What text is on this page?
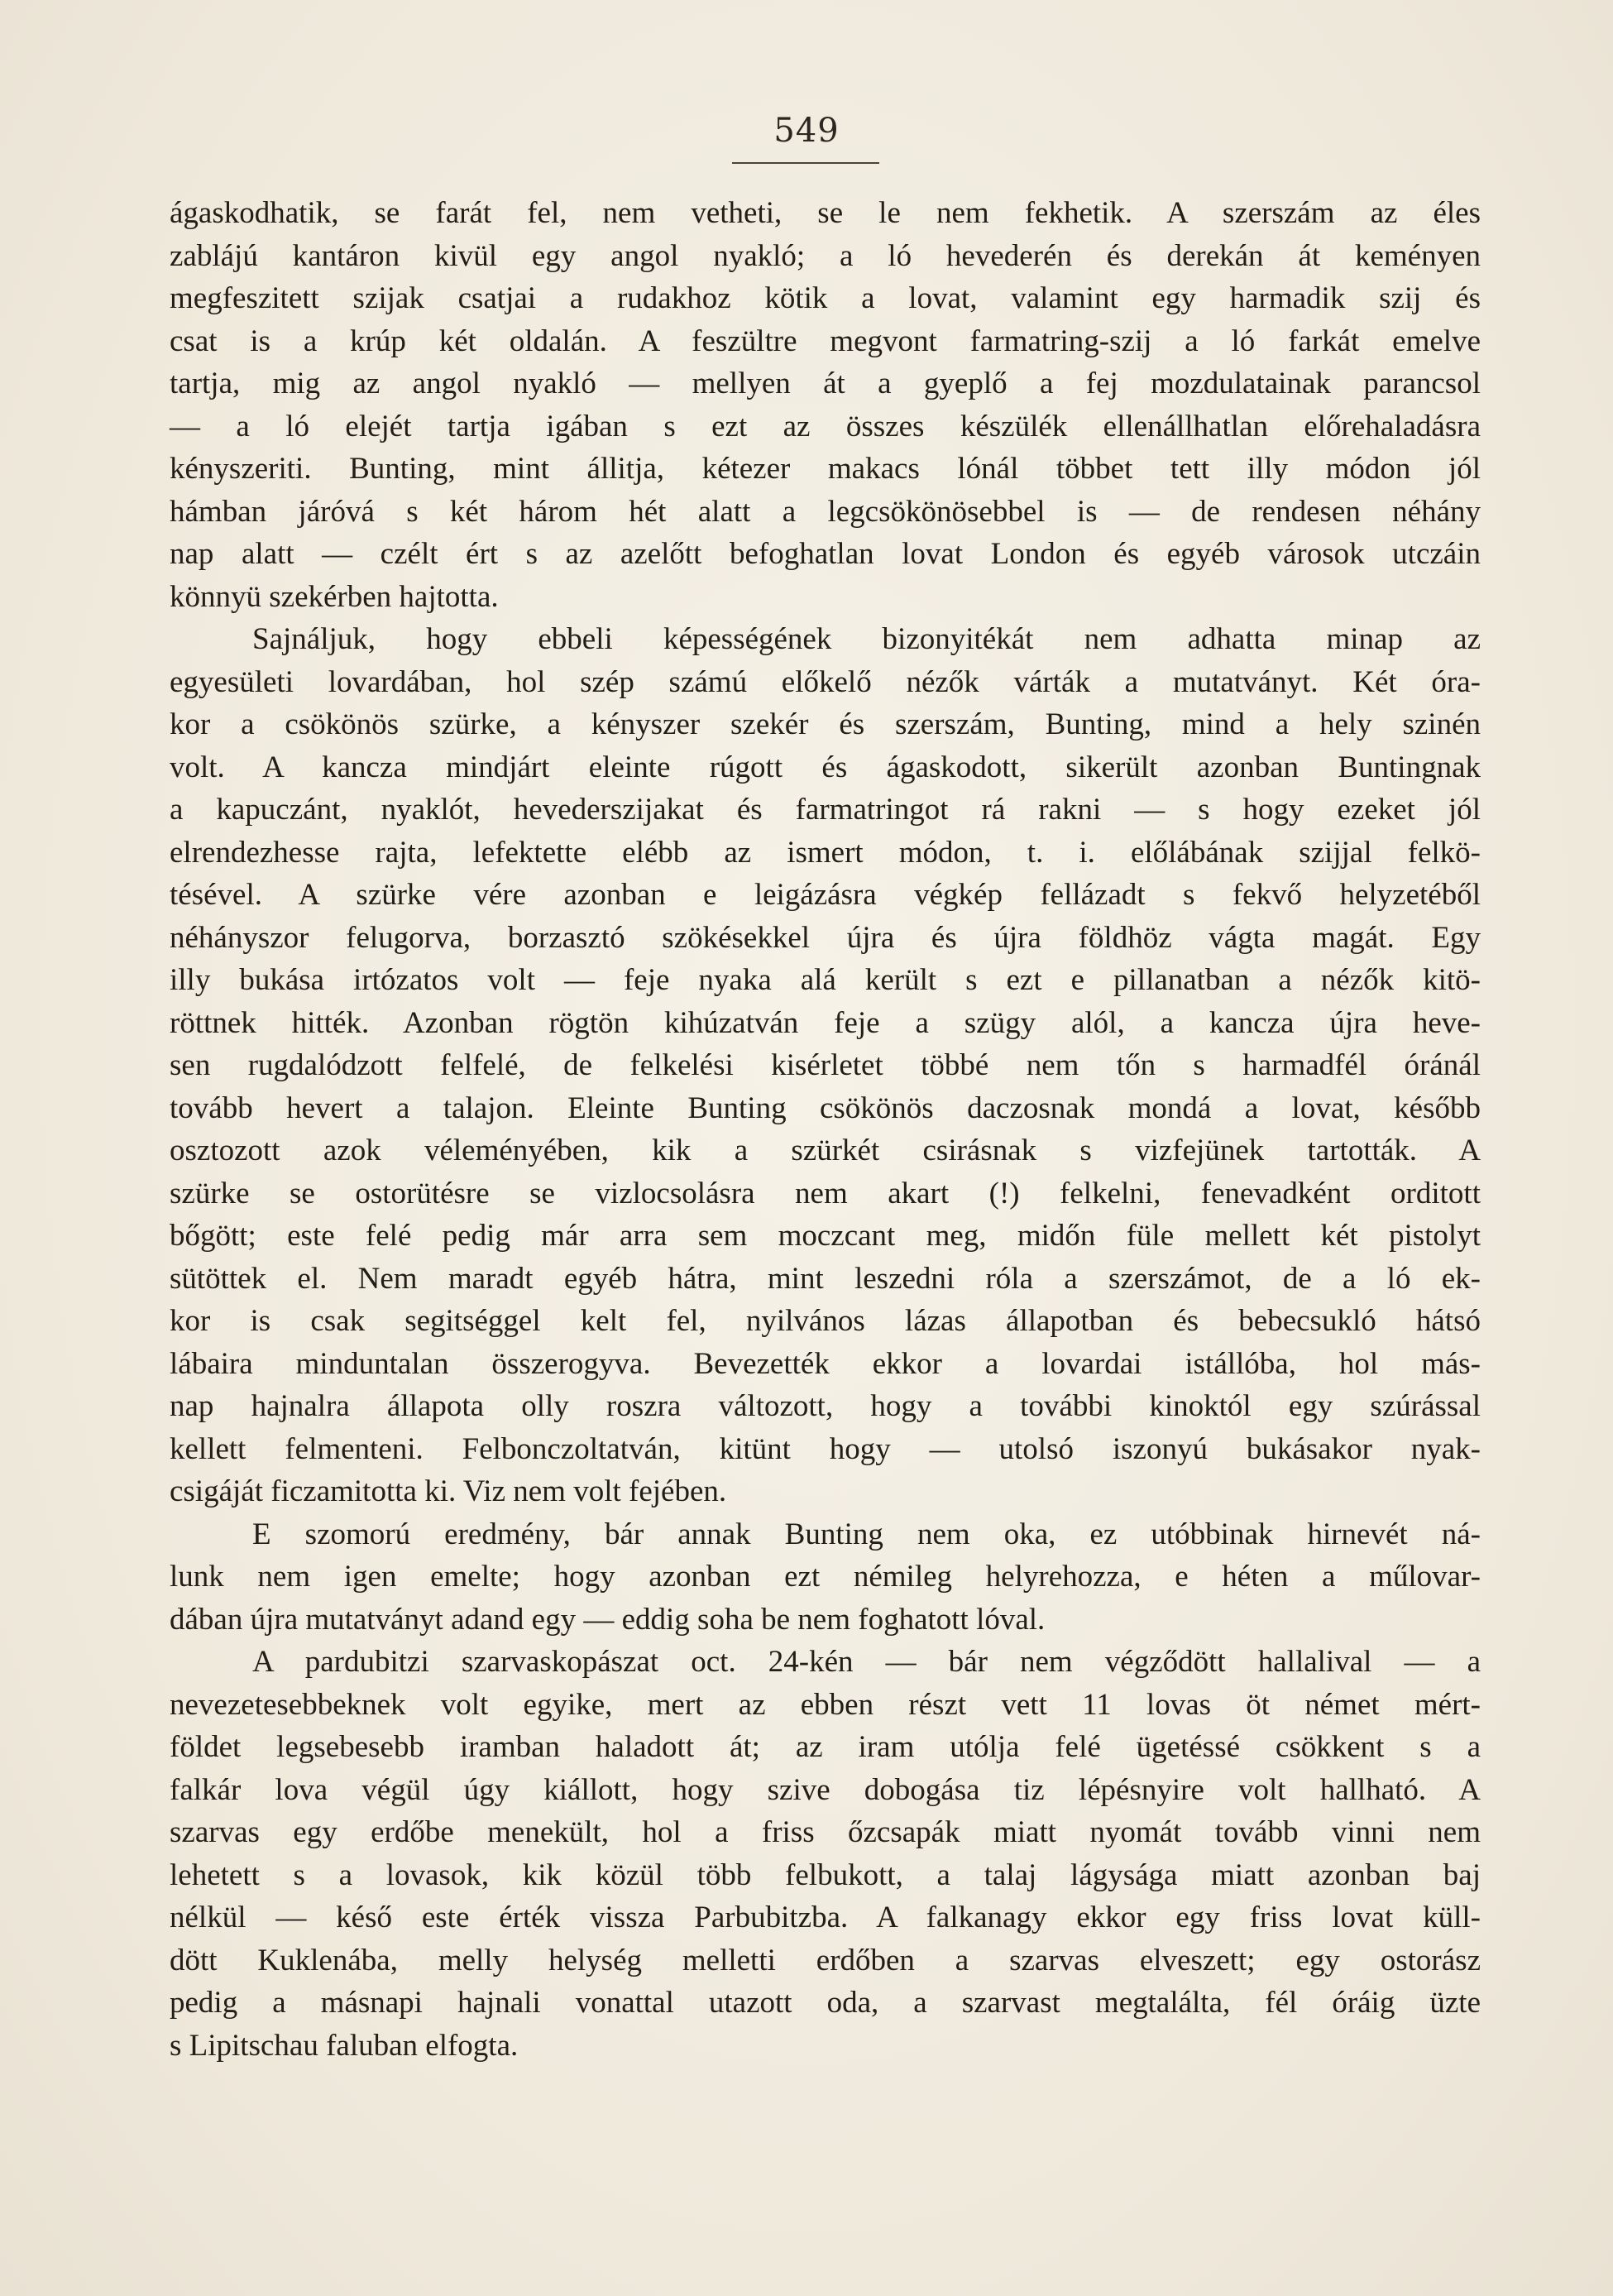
549
ágaskodhatik, se farát fel, nem vetheti, se le nem fekhetik. A szerszám az éles
zablájú kantáron kivül egy angol nyakló; a ló hevederén és derekán át keményen
megfeszitett szijak csatjai a rudakhoz kötik a lovat, valamint egy harmadik szij és
csat is a krúp két oldalán. A feszültre megvont farmatring-szij a ló farkát emelve
tartja, mig az angol nyakló — mellyen át a gyeplő a fej mozdulatainak parancsol
— a ló elejét tartja igában s ezt az összes készülék ellenállhatlan előrehaladásra
kényszeriti. Bunting, mint állitja, kétezer makacs lónál többet tett illy módon jól
hámban járóvá s két három hét alatt a legcsökönösebbel is — de rendesen néhány
nap alatt — czélt ért s az azelőtt befoghatlan lovat London és egyéb városok utczáin
könnyü szekérben hajtotta.
Sajnáljuk, hogy ebbeli képességének bizonyitékát nem adhatta minap az
egyesületi lovardában, hol szép számú előkelő nézők várták a mutatványt. Két óra-
kor a csökönös szürke, a kényszer szekér és szerszám, Bunting, mind a hely szinén
volt. A kancza mindjárt eleinte rúgott és ágaskodott, sikerült azonban Buntingnak
a kapuczánt, nyaklót, hevederszijakat és farmatringot rá rakni — s hogy ezeket jól
elrendezhesse rajta, lefektette elébb az ismert módon, t. i. előlábának szijjal felkö-
tésével. A szürke vére azonban e leigázásra végkép fellázadt s fekvő helyzetéből
néhányszor felugorva, borzasztó szökésekkel újra és újra földhöz vágta magát. Egy
illy bukása irtózatos volt — feje nyaka alá került s ezt e pillanatban a nézők kitö-
röttnek hitték. Azonban rögtön kihúzatván feje a szügy alól, a kancza újra heve-
sen rugdalódzott felfelé, de felkelési kisérletet többé nem tőn s harmadfél óránál
tovább hevert a talajon. Eleinte Bunting csökönös daczosnak mondá a lovat, később
osztozott azok véleményében, kik a szürkét csirásnak s vizfejünek tartották. A
szürke se ostorütésre se vizlocsolásra nem akart (!) felkelni, fenevadként orditott
bőgött; este felé pedig már arra sem moczcant meg, midőn füle mellett két pistolyt
sütöttek el. Nem maradt egyéb hátra, mint leszedni róla a szerszámot, de a ló ek-
kor is csak segitséggel kelt fel, nyilvános lázas állapotban és bebecsukló hátsó
lábaira minduntalan összerogyva. Bevezették ekkor a lovardai istállóba, hol más-
nap hajnalra állapota olly roszra változott, hogy a további kinoktól egy szúrással
kellett felmenteni. Felbonczoltatván, kitünt hogy — utolsó iszonyú bukásakor nyak-
csigáját ficzamitotta ki. Viz nem volt fejében.
E szomorú eredmény, bár annak Bunting nem oka, ez utóbbinak hirnevét ná-
lunk nem igen emelte; hogy azonban ezt némileg helyrehozza, e héten a műlovar-
dában újra mutatványt adand egy — eddig soha be nem foghatott lóval.
A pardubitzi szarvaskopászat oct. 24-kén — bár nem végződött hallalival — a
nevezetesebbeknek volt egyike, mert az ebben részt vett 11 lovas öt német mért-
földet legsebesebb iramban haladott át; az iram utólja felé ügetéssé csökkent s a
falkár lova végül úgy kiállott, hogy szive dobogása tiz lépésnyire volt hallható. A
szarvas egy erdőbe menekült, hol a friss őzcsapák miatt nyomát tovább vinni nem
lehetett s a lovasok, kik közül több felbukott, a talaj lágysága miatt azonban baj
nélkül — késő este érték vissza Parbubitzba. A falkanagy ekkor egy friss lovat küll-
dött Kuklenába, melly helység melletti erdőben a szarvas elveszett; egy ostorász
pedig a másnapi hajnali vonattal utazott oda, a szarvast megtalálta, fél óráig üzte
s Lipitschau faluban elfogta.
